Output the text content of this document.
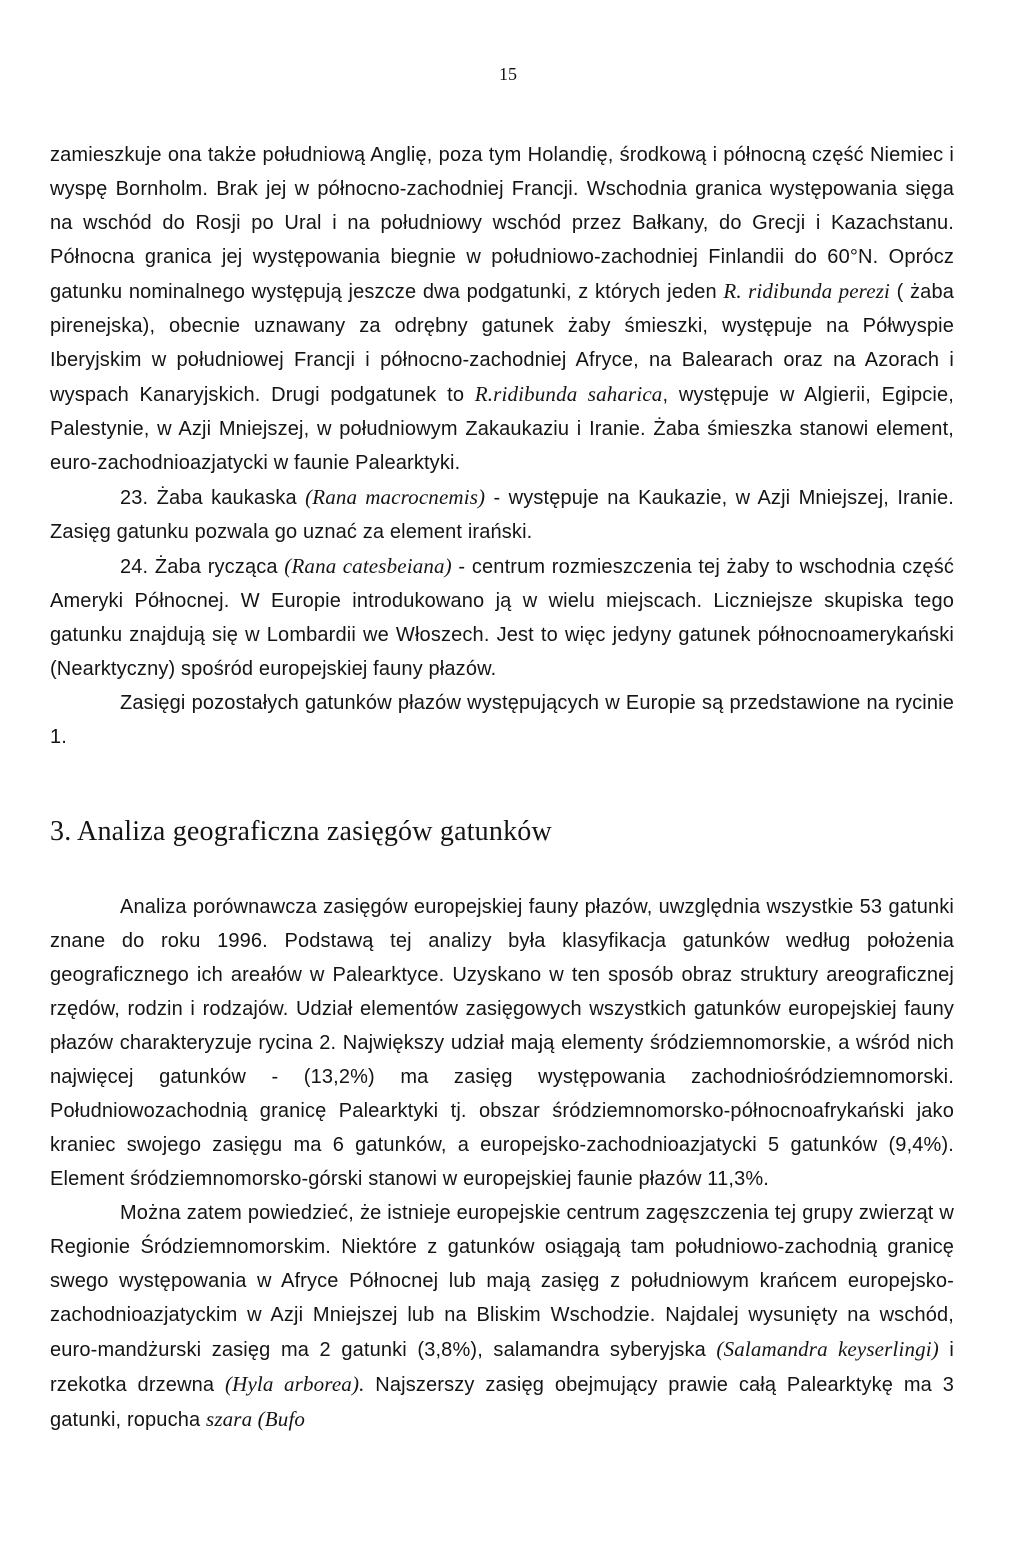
15

zamieszkuje ona także południową Anglię, poza tym Holandię, środkową i północną część Niemiec i wyspę Bornholm. Brak jej w północno-zachodniej Francji. Wschodnia granica występowania sięga na wschód do Rosji po Ural i na południowy wschód przez Bałkany, do Grecji i Kazachstanu. Północna granica jej występowania biegnie w południowo-zachodniej Finlandii do 60°N. Oprócz gatunku nominalnego występują jeszcze dwa podgatunki, z których jeden R. ridibunda perezi ( żaba pirenejska), obecnie uznawany za odrębny gatunek żaby śmieszki, występuje na Półwyspie Iberyjskim w południowej Francji i północno-zachodniej Afryce, na Balearach oraz na Azorach i wyspach Kanaryjskich. Drugi podgatunek to R.ridibunda saharica, występuje w Algierii, Egipcie, Palestynie, w Azji Mniejszej, w południowym Zakaukaziu i Iranie. Żaba śmieszka stanowi element, euro-zachodnioazjatycki w faunie Palearktyki.

23. Żaba kaukaska (Rana macrocnemis) - występuje na Kaukazie, w Azji Mniejszej, Iranie. Zasięg gatunku pozwala go uznać za element irański.

24. Żaba rycząca (Rana catesbeiana) - centrum rozmieszczenia tej żaby to wschodnia część Ameryki Północnej. W Europie introdukowano ją w wielu miejscach. Liczniejsze skupiska tego gatunku znajdują się w Lombardii we Włoszech. Jest to więc jedyny gatunek północnoamerykański (Nearktyczny) spośród europejskiej fauny płazów.

Zasięgi pozostałych gatunków płazów występujących w Europie są przedstawione na rycinie 1.

3. Analiza geograficzna zasięgów gatunków

Analiza porównawcza zasięgów europejskiej fauny płazów, uwzględnia wszystkie 53 gatunki znane do roku 1996. Podstawą tej analizy była klasyfikacja gatunków według położenia geograficznego ich areałów w Palearktyce. Uzyskano w ten sposób obraz struktury areograficznej rzędów, rodzin i rodzajów. Udział elementów zasięgowych wszystkich gatunków europejskiej fauny płazów charakteryzuje rycina 2. Największy udział mają elementy śródziemnomorskie, a wśród nich najwięcej gatunków - (13,2%) ma zasięg występowania zachodniośródziemnomorski. Południowozachodnią granicę Palearktyki tj. obszar śródziemnomorsko-północnoafrykański jako kraniec swojego zasięgu ma 6 gatunków, a europejsko-zachodnioazjatycki 5 gatunków (9,4%). Element śródziemnomorsko-górski stanowi w europejskiej faunie płazów 11,3%.

Można zatem powiedzieć, że istnieje europejskie centrum zagęszczenia tej grupy zwierząt w Regionie Śródziemnomorskim. Niektóre z gatunków osiągają tam południowo-zachodnią granicę swego występowania w Afryce Północnej lub mają zasięg z południowym krańcem europejsko-zachodnioazjatyckim w Azji Mniejszej lub na Bliskim Wschodzie. Najdalej wysunięty na wschód, euro-mandżurski zasięg ma 2 gatunki (3,8%), salamandra syberyjska (Salamandra keyserlingi) i rzekotka drzewna (Hyla arborea). Najszerszy zasięg obejmujący prawie całą Palearktykę ma 3 gatunki, ropucha szara (Bufo
